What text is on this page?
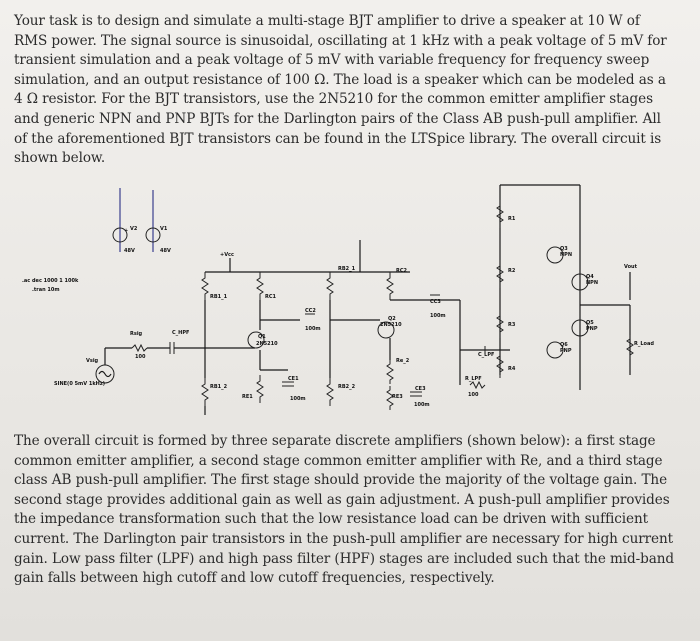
Your task is to design and simulate a multi-stage BJT amplifier to drive a speaker at 10 W of RMS power. The signal source is sinusoidal, oscillating at 1 kHz with a peak voltage of 5 mV for transient simulation and a peak voltage of 5 mV with variable frequency for frequency sweep simulation, and an output resistance of 100 Ω. The load is a speaker which can be modeled as a 4 Ω resistor. For the BJT transistors, use the 2N5210 for the common emitter amplifier stages and generic NPN and PNP BJTs for the Darlington pairs of the Class AB push-pull amplifier. All of the aforementioned BJT transistors can be found in the LTSpice library. The overall circuit is shown below.

.ac dec 1000 1 100k
.tran 10m
+ V2
48V
V1
48V
Vsig
SINE(0 5mV 1kHz)
Rsig
100
C_HPF
+Vcc
RB1_1
RB1_2
RC1
Q1
2N5210
RE1
CE1
100m
CC2
100m
RB2_1
RB2_2
RC2
Q2
2N5210
Re_2
RE3
CE3
100m
CC3
100m
C_LPF
R_LPF
100
R1
R2
R3
R4
Q3
NPN
Q4
NPN
Q5
PNP
Q6
PNP
R_Load
Vout

The overall circuit is formed by three separate discrete amplifiers (shown below): a first stage common emitter amplifier, a second stage common emitter amplifier with Re, and a third stage class AB push-pull amplifier. The first stage should provide the majority of the voltage gain. The second stage provides additional gain as well as gain adjustment. A push-pull amplifier provides the impedance transformation such that the low resistance load can be driven with sufficient current. The Darlington pair transistors in the push-pull amplifier are necessary for high current gain. Low pass filter (LPF) and high pass filter (HPF) stages are included such that the mid-band gain falls between high cutoff and low cutoff frequencies, respectively.
